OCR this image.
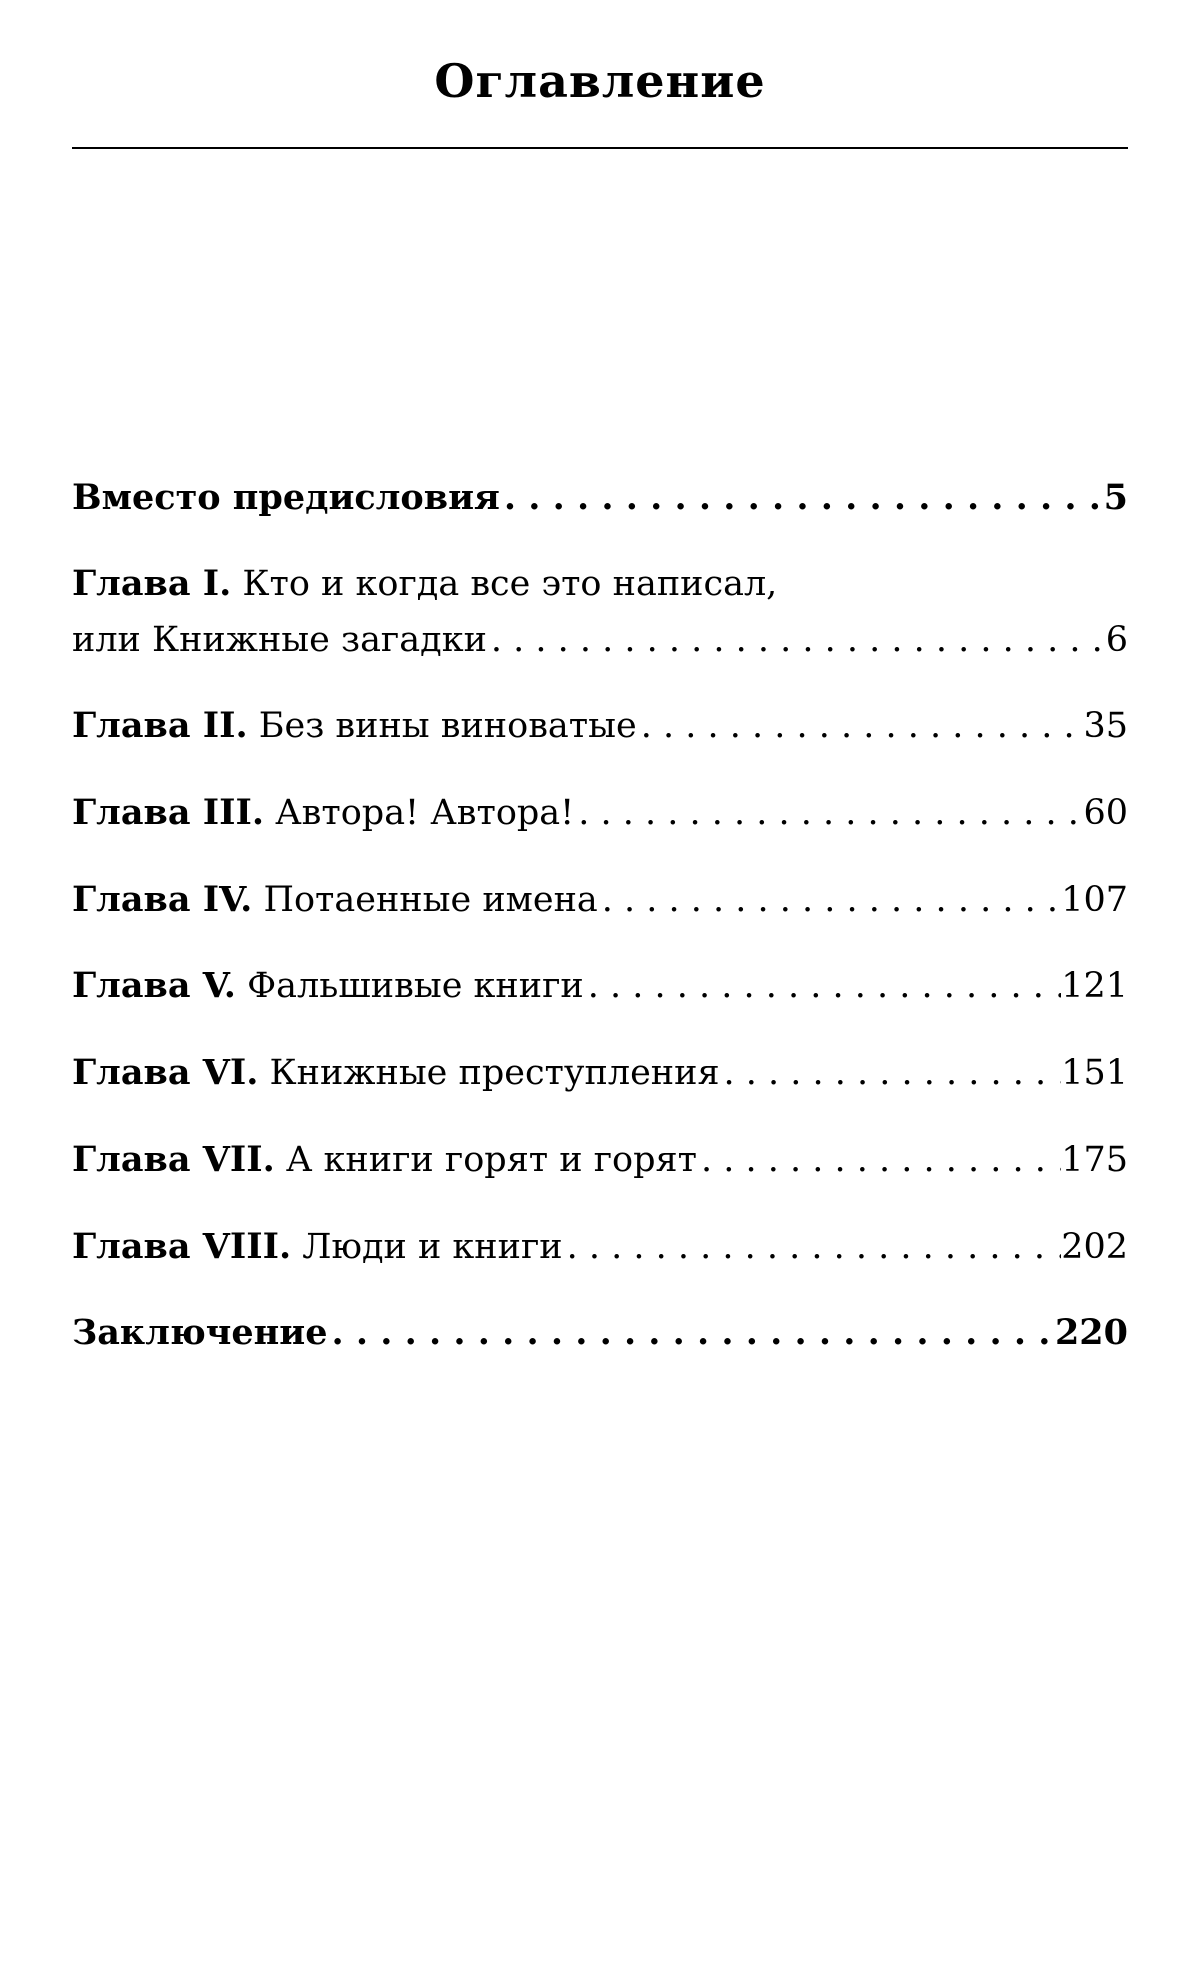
Оглавление
Вместо предисловия . . .	5
Глава I. Кто и когда все это написал,
или Книжные загадки . . .	6
Глава II. Без вины виноватые . . .	35
Глава III. Автора! Автора! . . .	60
Глава IV. Потаенные имена . . .	107
Глава V. Фальшивые книги . . .	121
Глава VI. Книжные преступления . . .	151
Глава VII. А книги горят и горят . . .	175
Глава VIII. Люди и книги . . .	202
Заключение . . .	220
